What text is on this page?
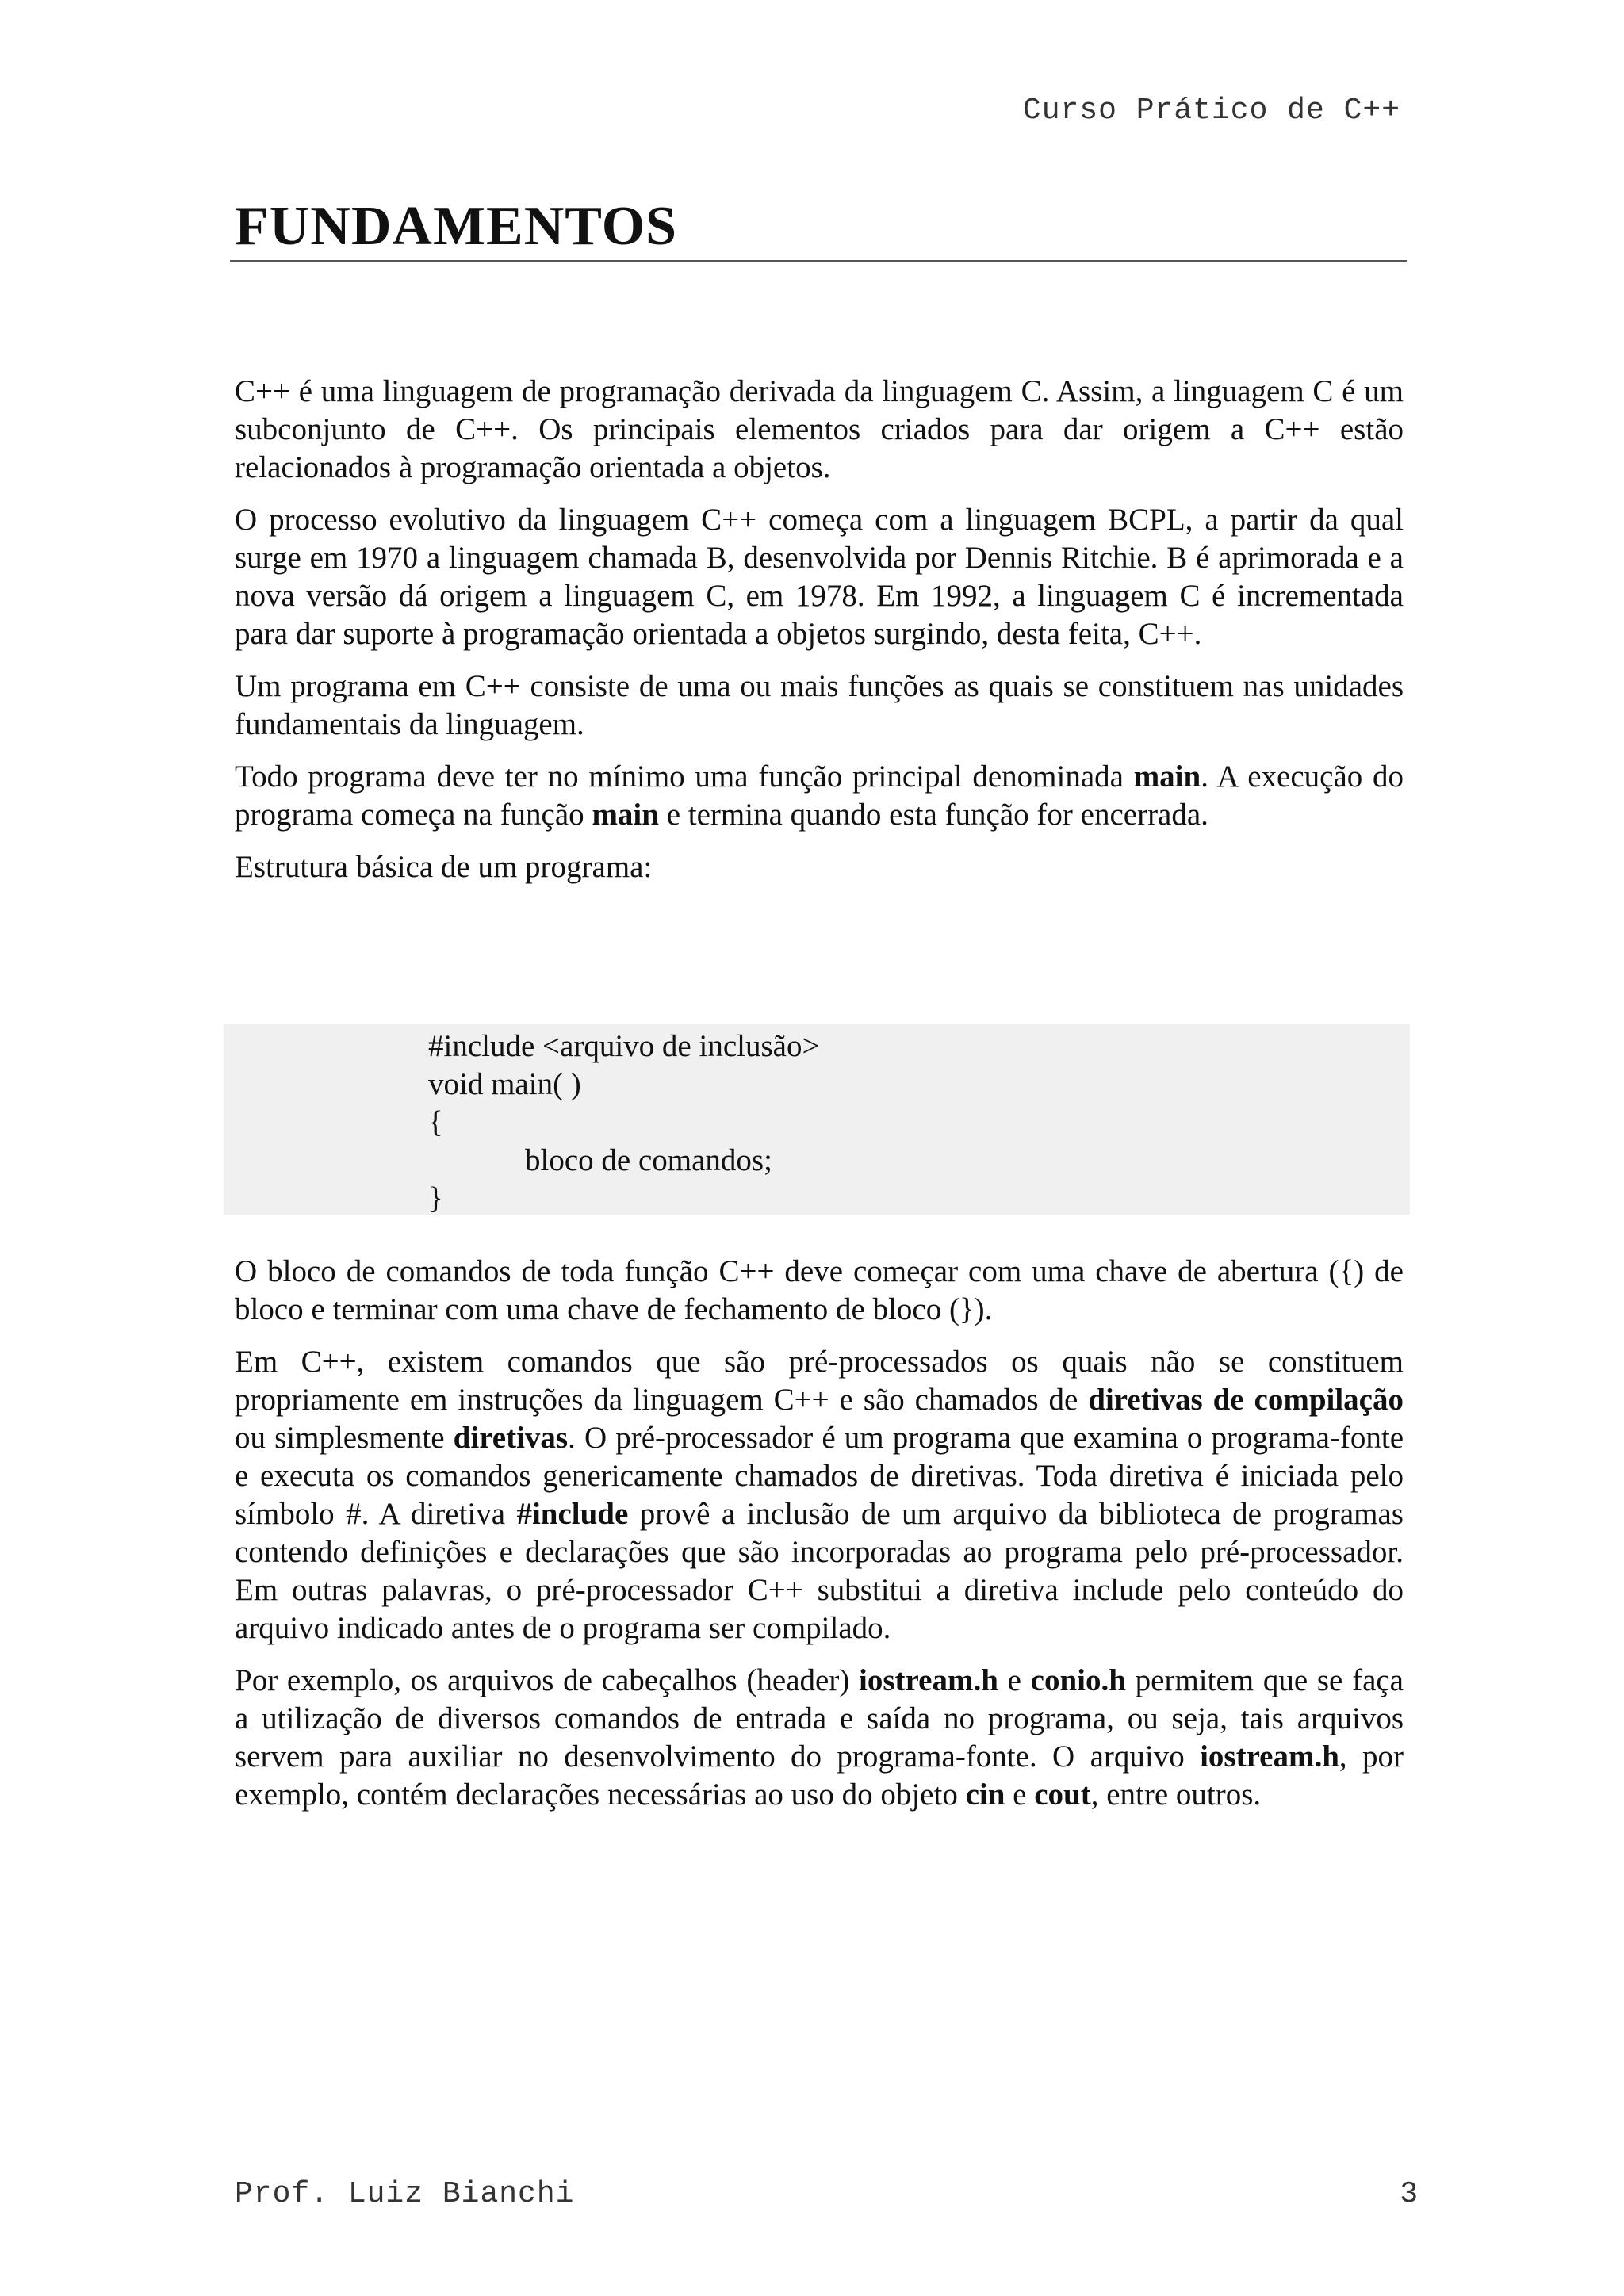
Curso Prático de C++
FUNDAMENTOS

C++ é uma linguagem de programação derivada da linguagem C. Assim, a linguagem C é um subconjunto de C++. Os principais elementos criados para dar origem a C++ estão relacionados à programação orientada a objetos.

O processo evolutivo da linguagem C++ começa com a linguagem BCPL, a partir da qual surge em 1970 a linguagem chamada B, desenvolvida por Dennis Ritchie. B é aprimorada e a nova versão dá origem a linguagem C, em 1978. Em 1992, a linguagem C é incrementada para dar suporte à programação orientada a objetos surgindo, desta feita, C++.

Um programa em C++ consiste de uma ou mais funções as quais se constituem nas unidades fundamentais da linguagem.

Todo programa deve ter no mínimo uma função principal denominada main. A execução do programa começa na função main e termina quando esta função for encerrada.

Estrutura básica de um programa:

#include <arquivo de inclusão>
void main( )
{
bloco de comandos;
}

O bloco de comandos de toda função C++ deve começar com uma chave de abertura ({) de bloco e terminar com uma chave de fechamento de bloco (}).

Em C++, existem comandos que são pré-processados os quais não se constituem propriamente em instruções da linguagem C++ e são chamados de diretivas de compilação ou simplesmente diretivas. O pré-processador é um programa que examina o programa-fonte e executa os comandos genericamente chamados de diretivas. Toda diretiva é iniciada pelo símbolo #. A diretiva #include provê a inclusão de um arquivo da biblioteca de programas contendo definições e declarações que são incorporadas ao programa pelo pré-processador. Em outras palavras, o pré-processador C++ substitui a diretiva include pelo conteúdo do arquivo indicado antes de o programa ser compilado.

Por exemplo, os arquivos de cabeçalhos (header) iostream.h e conio.h permitem que se faça a utilização de diversos comandos de entrada e saída no programa, ou seja, tais arquivos servem para auxiliar no desenvolvimento do programa-fonte. O arquivo iostream.h, por exemplo, contém declarações necessárias ao uso do objeto cin e cout, entre outros.

Prof. Luiz Bianchi	3
